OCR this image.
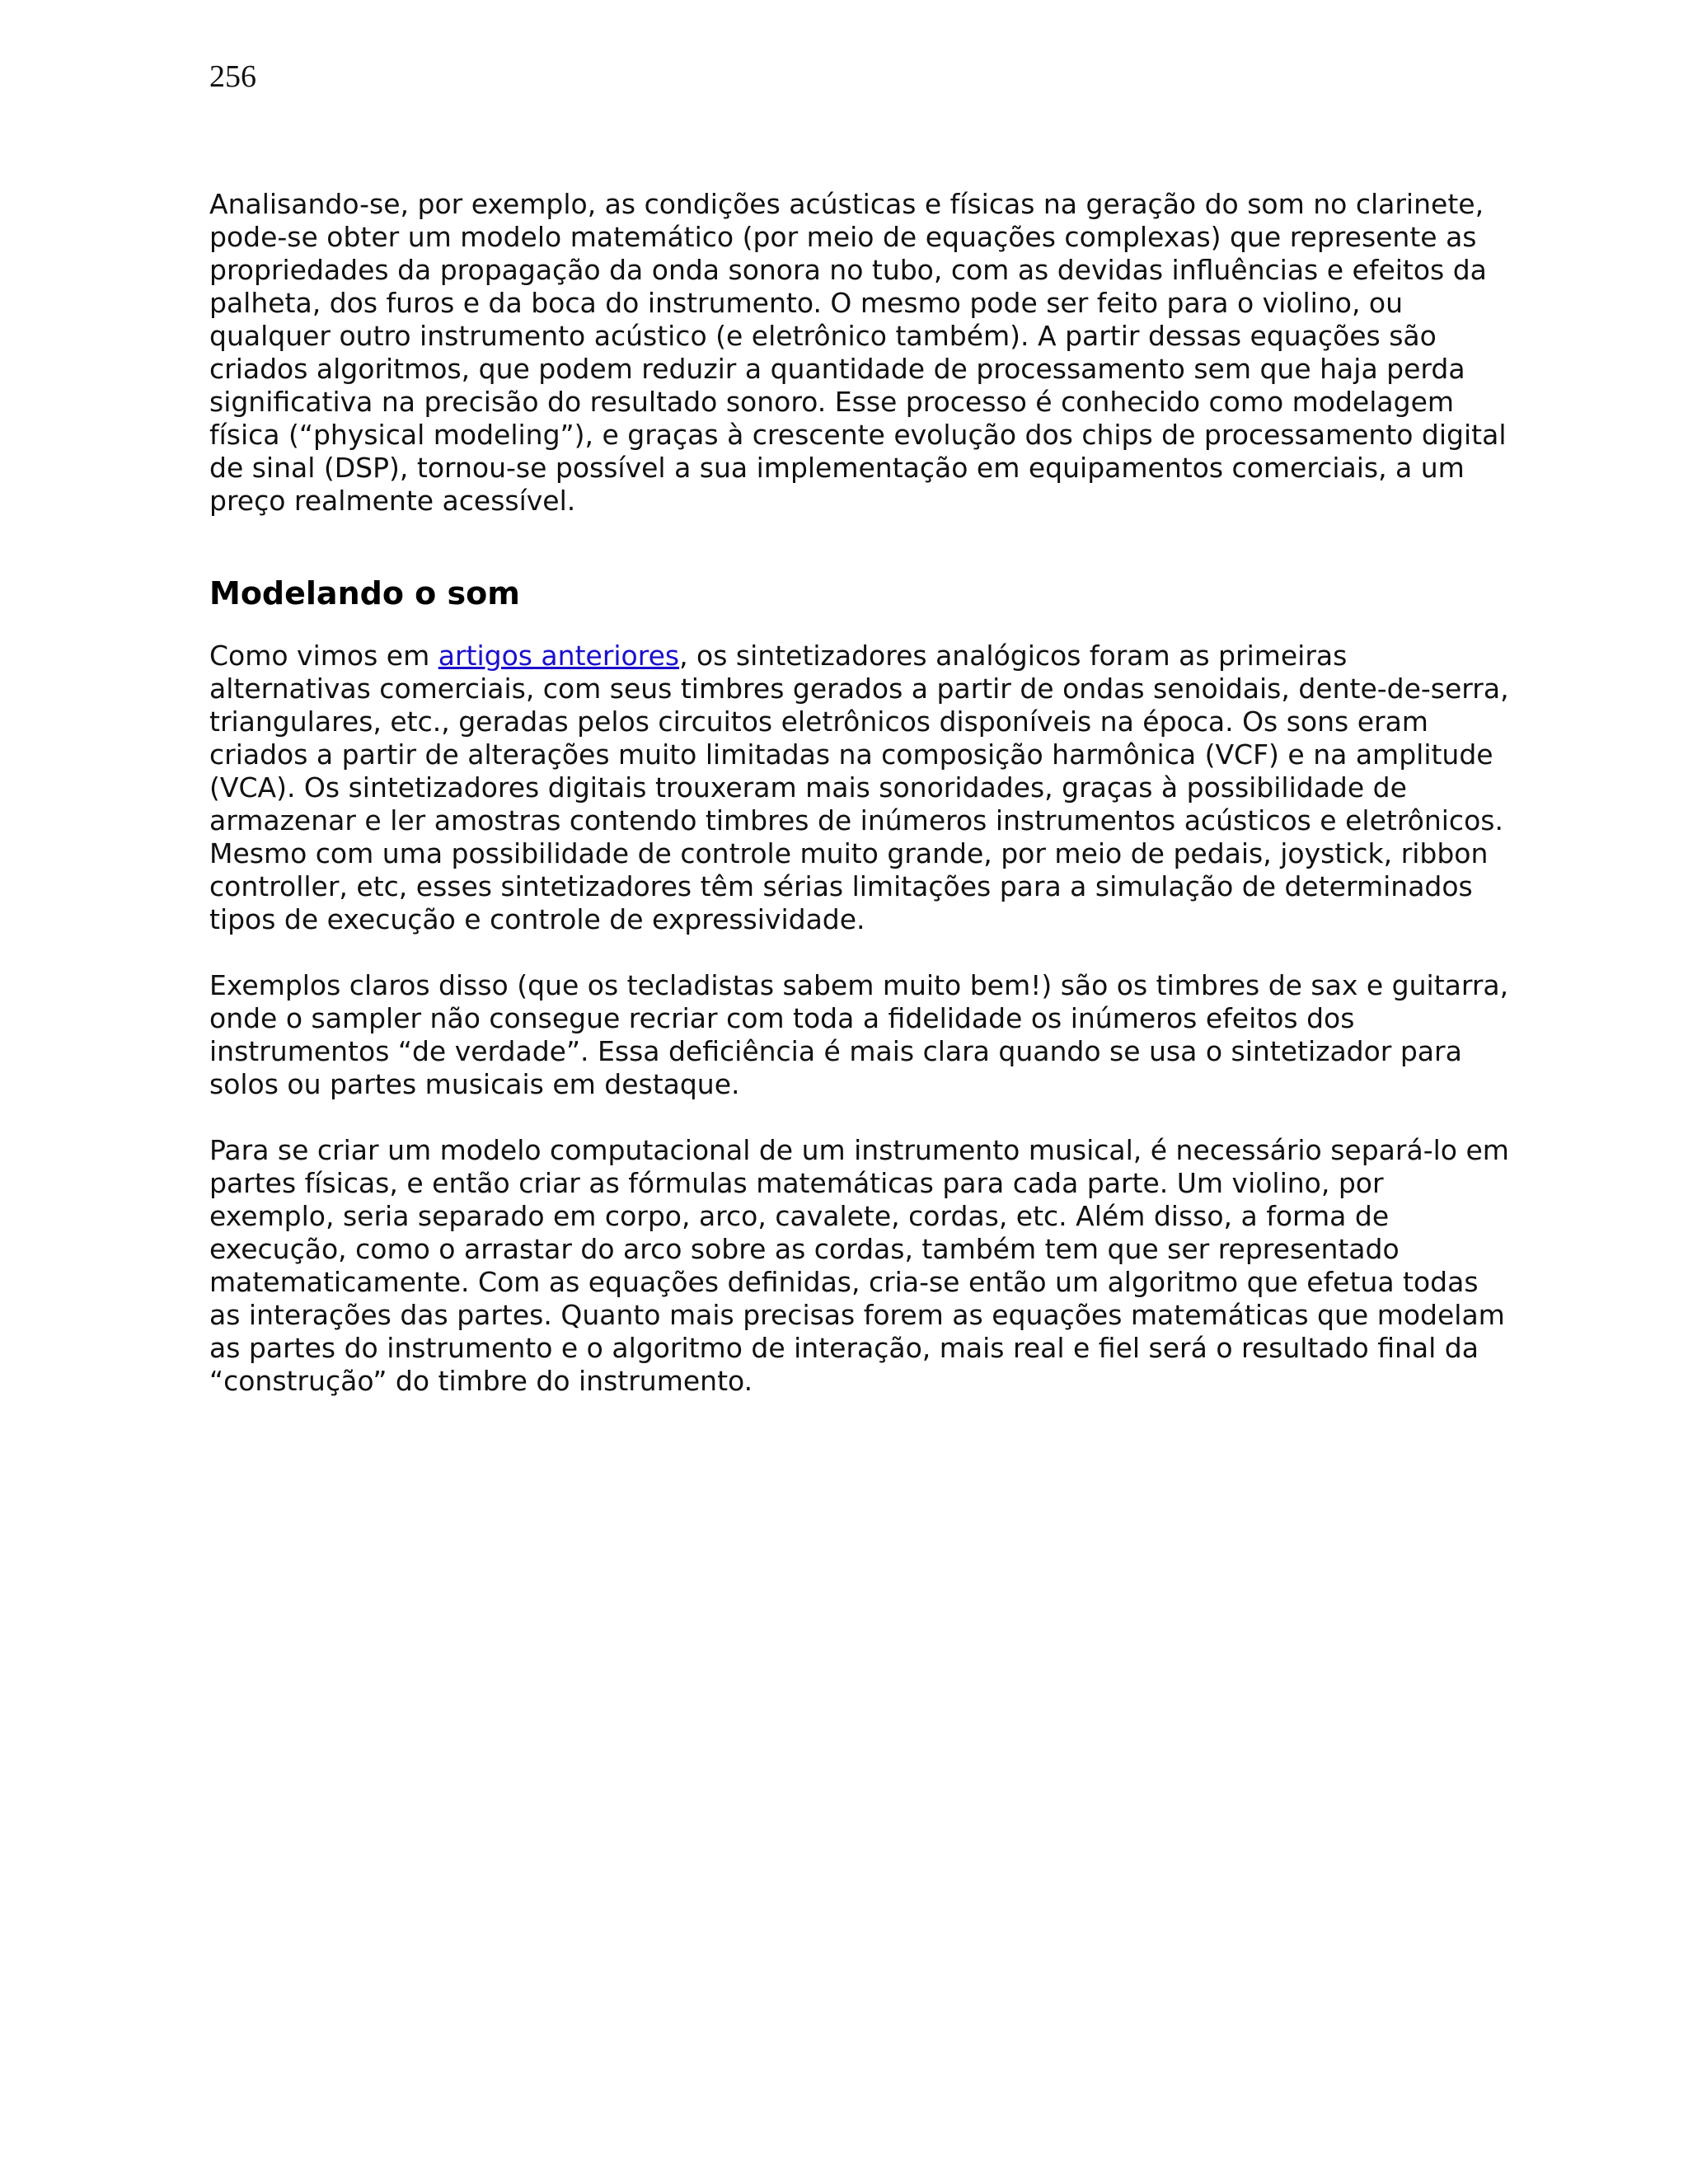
256

Analisando-se, por exemplo, as condições acústicas e físicas na geração do som no clarinete,
pode-se obter um modelo matemático (por meio de equações complexas) que represente as
propriedades da propagação da onda sonora no tubo, com as devidas influências e efeitos da
palheta, dos furos e da boca do instrumento. O mesmo pode ser feito para o violino, ou
qualquer outro instrumento acústico (e eletrônico também). A partir dessas equações são
criados algoritmos, que podem reduzir a quantidade de processamento sem que haja perda
significativa na precisão do resultado sonoro. Esse processo é conhecido como modelagem
física (“physical modeling”), e graças à crescente evolução dos chips de processamento digital
de sinal (DSP), tornou-se possível a sua implementação em equipamentos comerciais, a um
preço realmente acessível.

Modelando o som

Como vimos em artigos anteriores, os sintetizadores analógicos foram as primeiras
alternativas comerciais, com seus timbres gerados a partir de ondas senoidais, dente-de-serra,
triangulares, etc., geradas pelos circuitos eletrônicos disponíveis na época. Os sons eram
criados a partir de alterações muito limitadas na composição harmônica (VCF) e na amplitude
(VCA). Os sintetizadores digitais trouxeram mais sonoridades, graças à possibilidade de
armazenar e ler amostras contendo timbres de inúmeros instrumentos acústicos e eletrônicos.
Mesmo com uma possibilidade de controle muito grande, por meio de pedais, joystick, ribbon
controller, etc, esses sintetizadores têm sérias limitações para a simulação de determinados
tipos de execução e controle de expressividade.

Exemplos claros disso (que os tecladistas sabem muito bem!) são os timbres de sax e guitarra,
onde o sampler não consegue recriar com toda a fidelidade os inúmeros efeitos dos
instrumentos “de verdade”. Essa deficiência é mais clara quando se usa o sintetizador para
solos ou partes musicais em destaque.

Para se criar um modelo computacional de um instrumento musical, é necessário separá-lo em
partes físicas, e então criar as fórmulas matemáticas para cada parte. Um violino, por
exemplo, seria separado em corpo, arco, cavalete, cordas, etc. Além disso, a forma de
execução, como o arrastar do arco sobre as cordas, também tem que ser representado
matematicamente. Com as equações definidas, cria-se então um algoritmo que efetua todas
as interações das partes. Quanto mais precisas forem as equações matemáticas que modelam
as partes do instrumento e o algoritmo de interação, mais real e fiel será o resultado final da
“construção” do timbre do instrumento.
